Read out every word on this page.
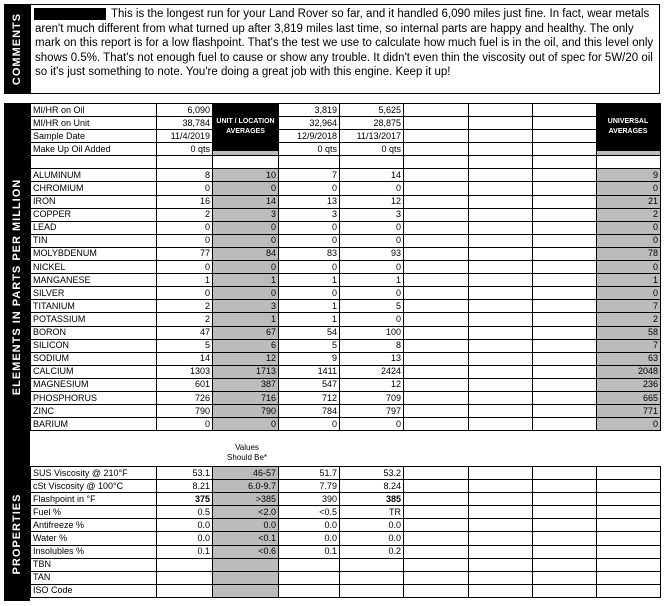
COMMENTS	This is the longest run for your Land Rover so far, and it handled 6,090 miles just fine. In fact, wear metals aren't much different from what turned up after 3,819 miles last time, so internal parts are happy and healthy. The only mark on this report is for a low flashpoint. That's the test we use to calculate how much fuel is in the oil, and this level only shows 0.5%. That's not enough fuel to cause or show any trouble. It didn't even thin the viscosity out of spec for 5W/20 oil so it's just something to note. You're doing a great job with this engine. Keep it up!
ELEMENTS IN PARTS PER MILLION
MI/HR on Oil	6,090		3,819	5,625				
MI/HR on Unit	38,784		32,964	28,875				
Sample Date	11/4/2019		12/9/2018	11/13/2017				
Make Up Oil Added	0 qts		0 qts	0 qts				

ALUMINUM	8	10	7	14				9
CHROMIUM	0	0	0	0				0
IRON	16	14	13	12				21
COPPER	2	3	3	3				2
LEAD	0	0	0	0				0
TIN	0	0	0	0				0
MOLYBDENUM	77	84	83	93				78
NICKEL	0	0	0	0				0
MANGANESE	1	1	1	1				1
SILVER	0	0	0	0				0
TITANIUM	2	3	1	5				7
POTASSIUM	2	1	1	0				2
BORON	47	67	54	100				58
SILICON	5	6	5	8				7
SODIUM	14	12	9	13				63
CALCIUM	1303	1713	1411	2424				2048
MAGNESIUM	601	387	547	12				236
PHOSPHORUS	726	716	712	709				665
ZINC	790	790	784	797				771
BARIUM	0	0	0	0				0
UNIT / LOCATION AVERAGES
UNIVERSAL AVERAGES
Values Should Be*
PROPERTIES
SUS Viscosity @ 210°F	53.1	46-57	51.7	53.2				
cSt Viscosity @ 100°C	8.21	6.0-9.7	7.79	8.24				
Flashpoint in °F	375	>385	390	385				
Fuel %	0.5	<2.0	<0.5	TR				
Antifreeze %	0.0	0.0	0.0	0.0				
Water %	0.0	<0.1	0.0	0.0				
Insolubles %	0.1	<0.6	0.1	0.2				
TBN								
TAN								
ISO Code								
